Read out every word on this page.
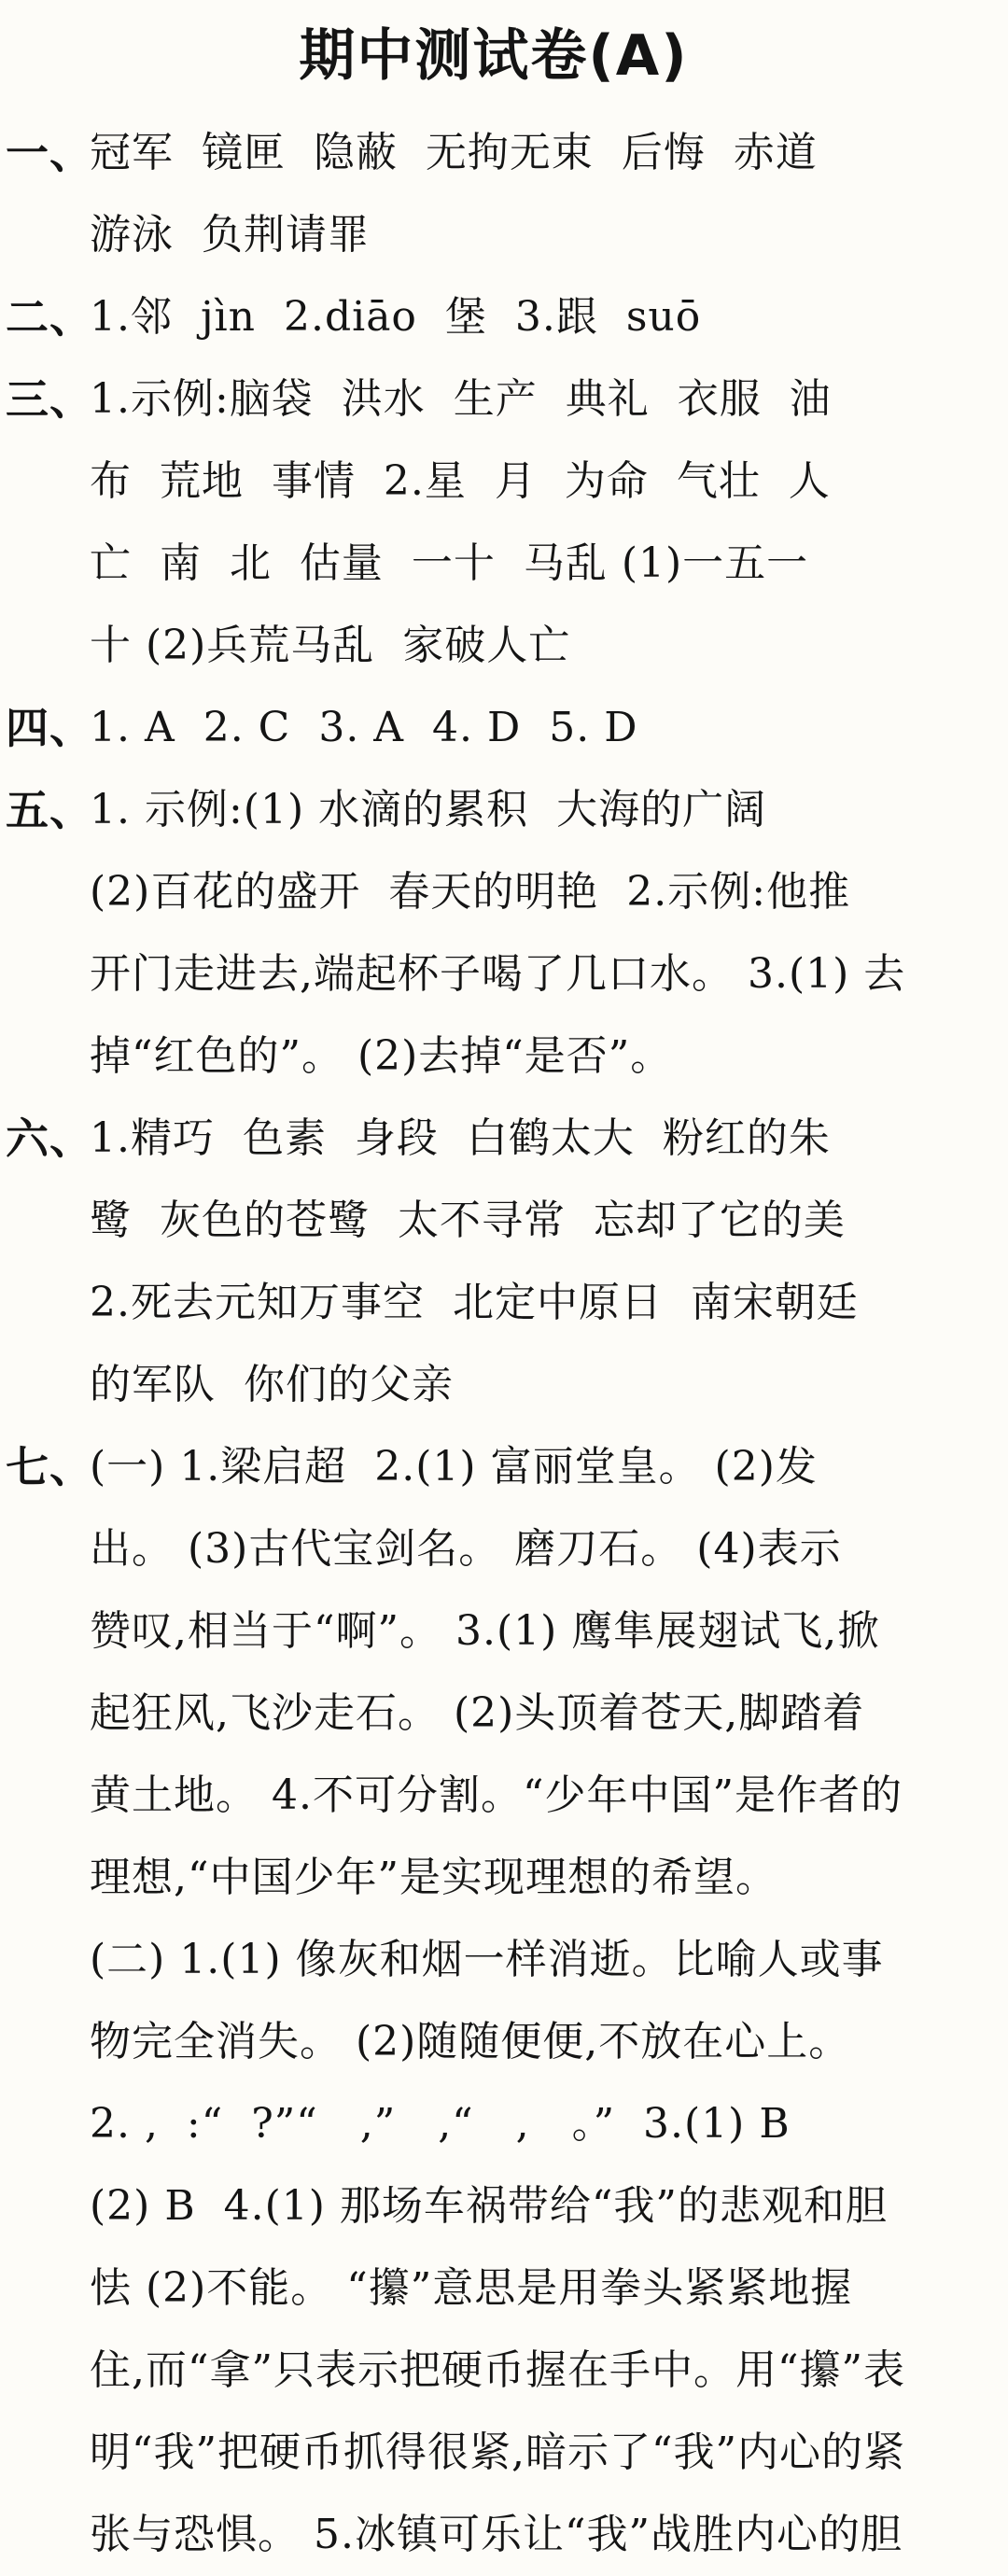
期中测试卷(A)
一、
冠军  镜匣  隐蔽  无拘无束  后悔  赤道
游泳  负荆请罪
二、
1.邻  jìn  2.diāo  堡  3.跟  suō
三、
1.示例:脑袋  洪水  生产  典礼  衣服  油
布  荒地  事情  2.星  月  为命  气壮  人
亡  南  北  估量  一十  马乱 (1)一五一
十 (2)兵荒马乱  家破人亡
四、
1. A  2. C  3. A  4. D  5. D
五、
1. 示例:(1) 水滴的累积  大海的广阔
(2)百花的盛开  春天的明艳  2.示例:他推
开门走进去,端起杯子喝了几口水。 3.(1) 去
掉“红色的”。 (2)去掉“是否”。
六、
1.精巧  色素  身段  白鹤太大  粉红的朱
鹭  灰色的苍鹭  太不寻常  忘却了它的美
2.死去元知万事空  北定中原日  南宋朝廷
的军队  你们的父亲
七、
(一) 1.梁启超  2.(1) 富丽堂皇。 (2)发
出。 (3)古代宝剑名。 磨刀石。 (4)表示
赞叹,相当于“啊”。 3.(1) 鹰隼展翅试飞,掀
起狂风,飞沙走石。 (2)头顶着苍天,脚踏着
黄土地。 4.不可分割。“少年中国”是作者的
理想,“中国少年”是实现理想的希望。
(二) 1.(1) 像灰和烟一样消逝。比喻人或事
物完全消失。 (2)随随便便,不放在心上。
2. ,  :“  ?”“   ,”   ,“   ,   。”  3.(1) B
(2) B  4.(1) 那场车祸带给“我”的悲观和胆
怯 (2)不能。 “攥”意思是用拳头紧紧地握
住,而“拿”只表示把硬币握在手中。用“攥”表
明“我”把硬币抓得很紧,暗示了“我”内心的紧
张与恐惧。 5.冰镇可乐让“我”战胜内心的胆
